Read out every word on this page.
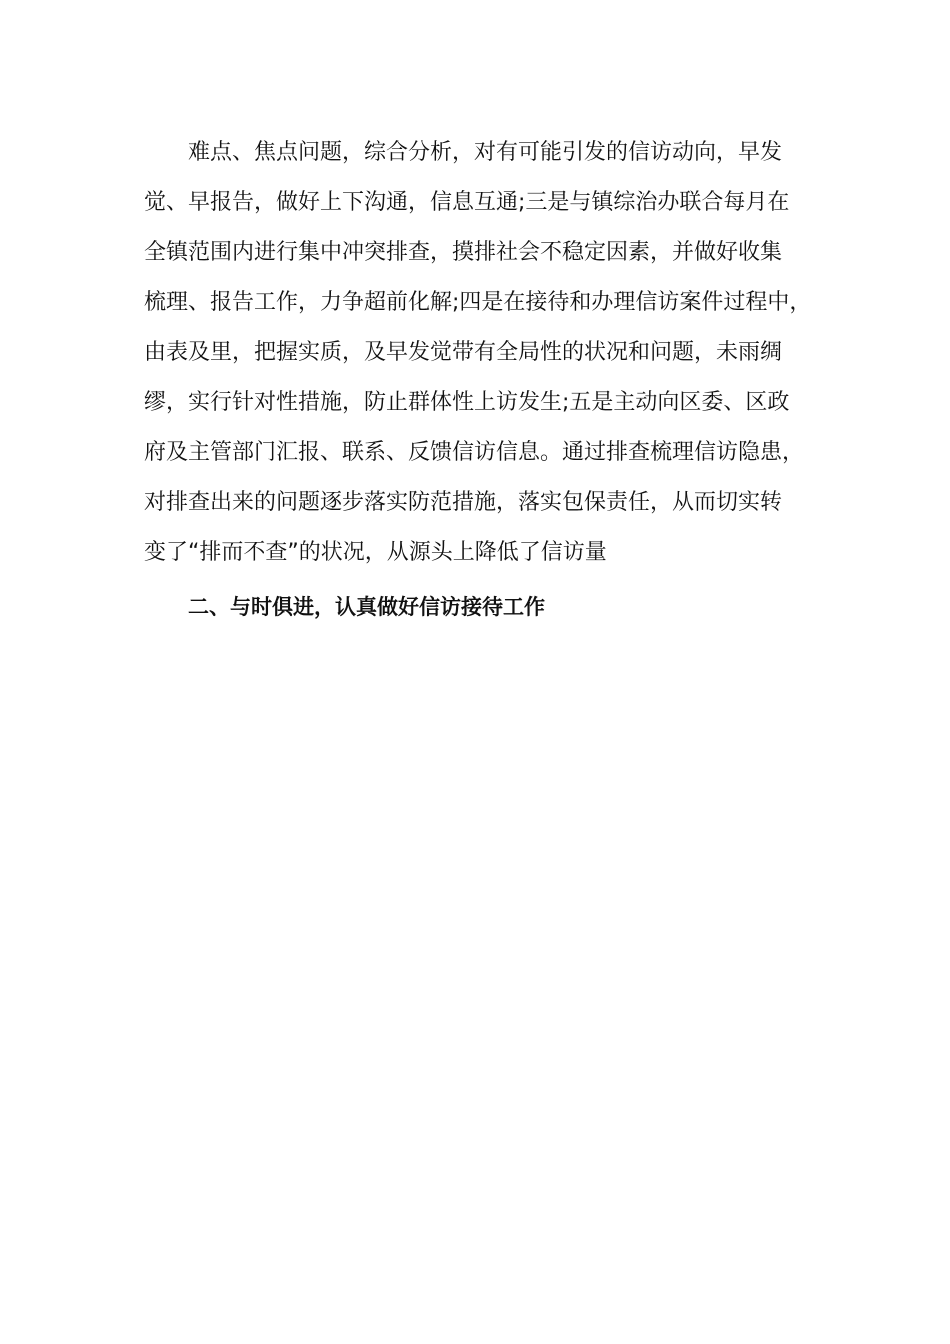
难点、焦点问题，综合分析，对有可能引发的信访动向，早发
觉、早报告，做好上下沟通，信息互通;三是与镇综治办联合每月在
全镇范围内进行集中冲突排查，摸排社会不稳定因素，并做好收集
梳理、报告工作，力争超前化解;四是在接待和办理信访案件过程中，
由表及里，把握实质，及早发觉带有全局性的状况和问题，未雨绸
缪，实行针对性措施，防止群体性上访发生;五是主动向区委、区政
府及主管部门汇报、联系、反馈信访信息。通过排查梳理信访隐患，
对排查出来的问题逐步落实防范措施，落实包保责任，从而切实转
变了“排而不查”的状况，从源头上降低了信访量
二、与时俱进，认真做好信访接待工作
